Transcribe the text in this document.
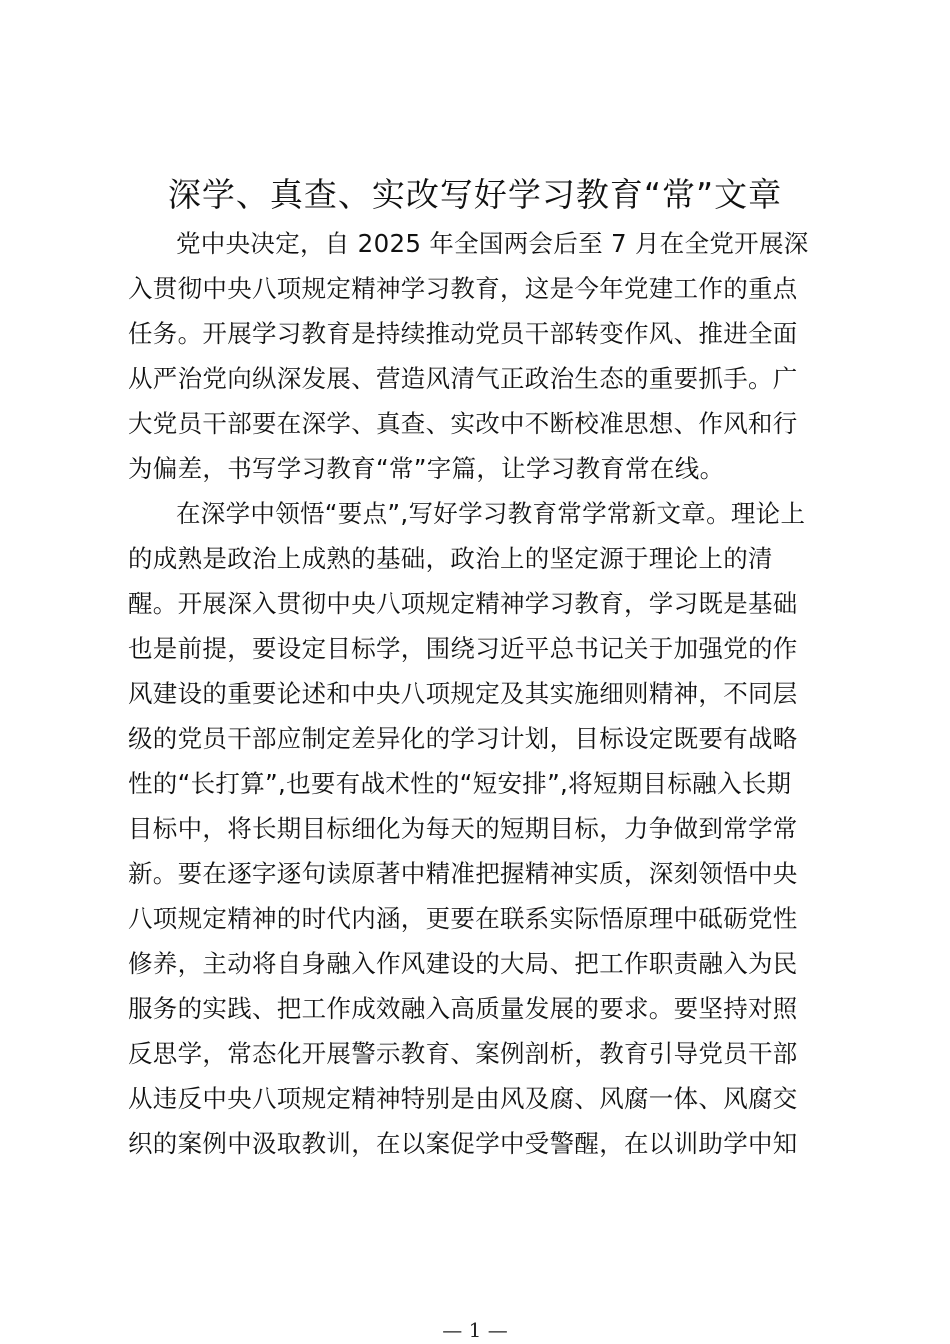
深学、真查、实改写好学习教育“常”文章
党中央决定，自 2025 年全国两会后至 7 月在全党开展深
入贯彻中央八项规定精神学习教育，这是今年党建工作的重点
任务。开展学习教育是持续推动党员干部转变作风、推进全面
从严治党向纵深发展、营造风清气正政治生态的重要抓手。广
大党员干部要在深学、真查、实改中不断校准思想、作风和行
为偏差，书写学习教育“常”字篇，让学习教育常在线。
在深学中领悟“要点”,写好学习教育常学常新文章。理论上
的成熟是政治上成熟的基础，政治上的坚定源于理论上的清
醒。开展深入贯彻中央八项规定精神学习教育，学习既是基础
也是前提，要设定目标学，围绕习近平总书记关于加强党的作
风建设的重要论述和中央八项规定及其实施细则精神，不同层
级的党员干部应制定差异化的学习计划，目标设定既要有战略
性的“长打算”,也要有战术性的“短安排”,将短期目标融入长期
目标中，将长期目标细化为每天的短期目标，力争做到常学常
新。要在逐字逐句读原著中精准把握精神实质，深刻领悟中央
八项规定精神的时代内涵，更要在联系实际悟原理中砥砺党性
修养，主动将自身融入作风建设的大局、把工作职责融入为民
服务的实践、把工作成效融入高质量发展的要求。要坚持对照
反思学，常态化开展警示教育、案例剖析，教育引导党员干部
从违反中央八项规定精神特别是由风及腐、风腐一体、风腐交
织的案例中汲取教训，在以案促学中受警醒，在以训助学中知
— 1 —
